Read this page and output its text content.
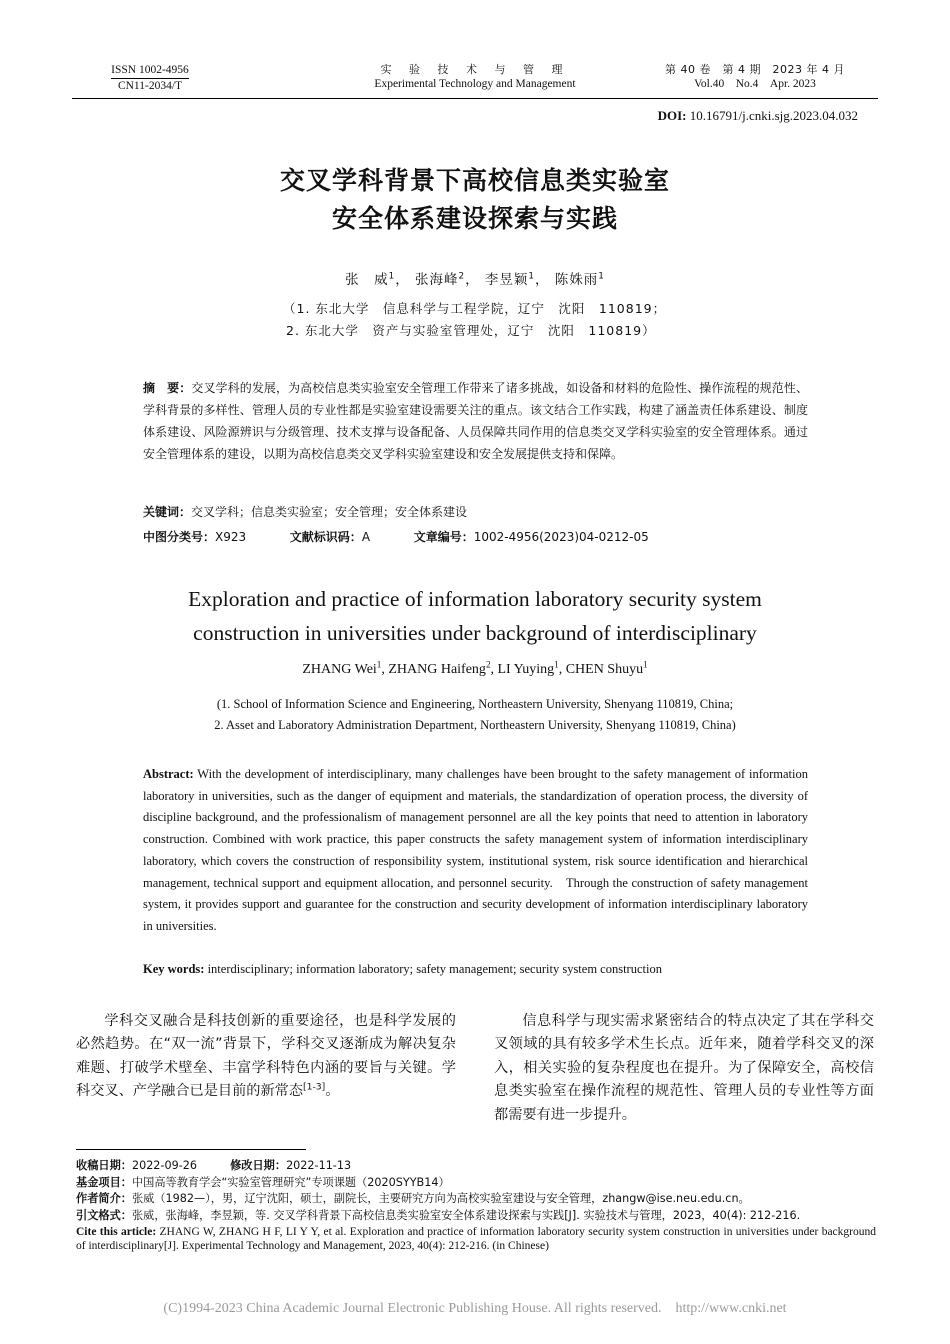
ISSN 1002-4956
CN11-2034/T
实 验 技 术 与 管 理
Experimental Technology and Management
第 40 卷　第 4 期　2023 年 4 月
Vol.40　No.4　Apr. 2023
DOI: 10.16791/j.cnki.sjg.2023.04.032
交叉学科背景下高校信息类实验室
安全体系建设探索与实践
张　威$^1$， 张海峰$^2$， 李昱颖$^1$， 陈姝雨$^1$
（1. 东北大学　信息科学与工程学院，辽宁　沈阳　110819；
2. 东北大学　资产与实验室管理处，辽宁　沈阳　110819）
摘　要：交叉学科的发展，为高校信息类实验室安全管理工作带来了诸多挑战，如设备和材料的危险性、操作流程的规范性、学科背景的多样性、管理人员的专业性都是实验室建设需要关注的重点。该文结合工作实践，构建了涵盖责任体系建设、制度体系建设、风险源辨识与分级管理、技术支撑与设备配备、人员保障共同作用的信息类交叉学科实验室的安全管理体系。通过安全管理体系的建设，以期为高校信息类交叉学科实验室建设和安全发展提供支持和保障。
关键词：交叉学科；信息类实验室；安全管理；安全体系建设
中图分类号：X923	文献标识码：A	文章编号：1002-4956(2023)04-0212-05
Exploration and practice of information laboratory security system
construction in universities under background of interdisciplinary
ZHANG Wei$^1$, ZHANG Haifeng$^2$, LI Yuying$^1$, CHEN Shuyu$^1$
(1. School of Information Science and Engineering, Northeastern University, Shenyang 110819, China;
2. Asset and Laboratory Administration Department, Northeastern University, Shenyang 110819, China)
Abstract: With the development of interdisciplinary, many challenges have been brought to the safety management of information laboratory in universities, such as the danger of equipment and materials, the standardization of operation process, the diversity of discipline background, and the professionalism of management personnel are all the key points that need to attention in laboratory construction. Combined with work practice, this paper constructs the safety management system of information interdisciplinary laboratory, which covers the construction of responsibility system, institutional system, risk source identification and hierarchical management, technical support and equipment allocation, and personnel security.　Through the construction of safety management system, it provides support and guarantee for the construction and security development of information interdisciplinary laboratory in universities.
Key words: interdisciplinary; information laboratory; safety management; security system construction
学科交叉融合是科技创新的重要途径，也是科学发展的必然趋势。在“双一流”背景下，学科交叉逐渐成为解决复杂难题、打破学术壁垒、丰富学科特色内涵的要旨与关键。学科交叉、产学融合已是目前的新常态[1-3]。
信息科学与现实需求紧密结合的特点决定了其在学科交叉领域的具有较多学术生长点。近年来，随着学科交叉的深入，相关实验的复杂程度也在提升。为了保障安全，高校信息类实验室在操作流程的规范性、管理人员的专业性等方面都需要有进一步提升。
收稿日期：2022-09-26	修改日期：2022-11-13
基金项目：中国高等教育学会“实验室管理研究”专项课题（2020SYYB14）
作者简介：张威（1982—），男，辽宁沈阳，硕士，副院长，主要研究方向为高校实验室建设与安全管理，zhangw@ise.neu.edu.cn。
引文格式：张威，张海峰，李昱颖，等. 交叉学科背景下高校信息类实验室安全体系建设探索与实践[J]. 实验技术与管理，2023，40(4): 212-216.
Cite this article: ZHANG W, ZHANG H F, LI Y Y, et al. Exploration and practice of information laboratory security system construction in universities under background of interdisciplinary[J]. Experimental Technology and Management, 2023, 40(4): 212-216. (in Chinese)
(C)1994-2023 China Academic Journal Electronic Publishing House. All rights reserved.　http://www.cnki.net
